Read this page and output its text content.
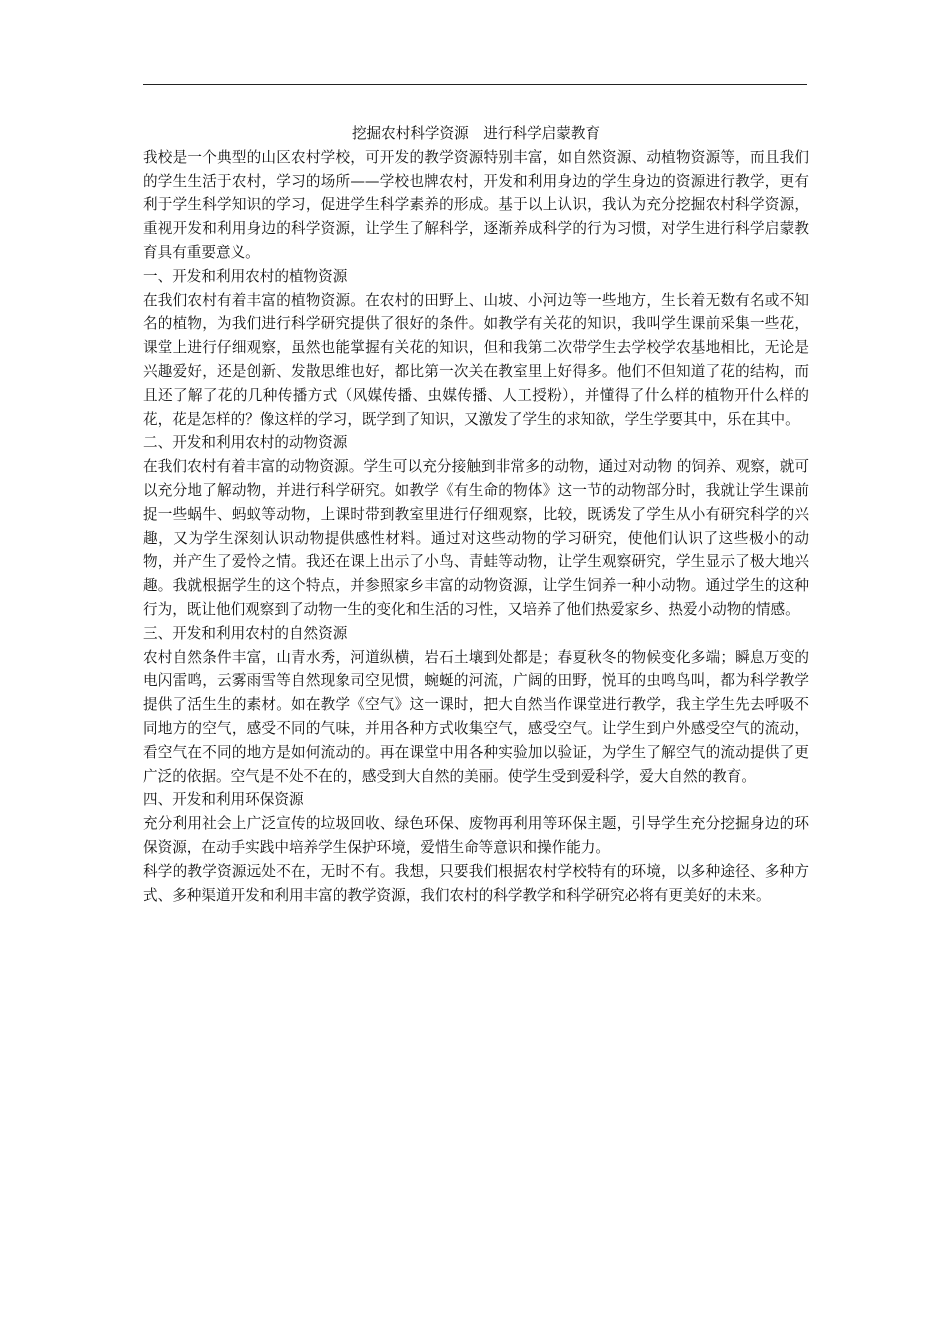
挖掘农村科学资源　进行科学启蒙教育

我校是一个典型的山区农村学校，可开发的教学资源特别丰富，如自然资源、动植物资源等，而且我们的学生生活于农村，学习的场所——学校也牌农村，开发和利用身边的学生身边的资源进行教学，更有利于学生科学知识的学习，促进学生科学素养的形成。基于以上认识，我认为充分挖掘农村科学资源，重视开发和利用身边的科学资源，让学生了解科学，逐渐养成科学的行为习惯，对学生进行科学启蒙教育具有重要意义。

一、开发和利用农村的植物资源

在我们农村有着丰富的植物资源。在农村的田野上、山坡、小河边等一些地方，生长着无数有名或不知名的植物，为我们进行科学研究提供了很好的条件。如教学有关花的知识，我叫学生课前采集一些花，课堂上进行仔细观察，虽然也能掌握有关花的知识，但和我第二次带学生去学校学农基地相比，无论是兴趣爱好，还是创新、发散思维也好，都比第一次关在教室里上好得多。他们不但知道了花的结构，而且还了解了花的几种传播方式（风媒传播、虫媒传播、人工授粉），并懂得了什么样的植物开什么样的花，花是怎样的？像这样的学习，既学到了知识，又激发了学生的求知欲，学生学要其中，乐在其中。

二、开发和利用农村的动物资源

在我们农村有着丰富的动物资源。学生可以充分接触到非常多的动物，通过对动物 的饲养、观察，就可以充分地了解动物，并进行科学研究。如教学《有生命的物体》这一节的动物部分时，我就让学生课前捉一些蜗牛、蚂蚁等动物，上课时带到教室里进行仔细观察，比较，既诱发了学生从小有研究科学的兴趣，又为学生深刻认识动物提供感性材料。通过对这些动物的学习研究，使他们认识了这些极小的动物，并产生了爱怜之情。我还在课上出示了小鸟、青蛙等动物，让学生观察研究，学生显示了极大地兴趣。我就根据学生的这个特点，并参照家乡丰富的动物资源，让学生饲养一种小动物。通过学生的这种行为，既让他们观察到了动物一生的变化和生活的习性，又培养了他们热爱家乡、热爱小动物的情感。

三、开发和利用农村的自然资源

农村自然条件丰富，山青水秀，河道纵横，岩石土壤到处都是；春夏秋冬的物候变化多端；瞬息万变的电闪雷鸣，云雾雨雪等自然现象司空见惯，蜿蜒的河流，广阔的田野，悦耳的虫鸣鸟叫，都为科学教学提供了活生生的素材。如在教学《空气》这一课时，把大自然当作课堂进行教学，我主学生先去呼吸不同地方的空气，感受不同的气味，并用各种方式收集空气，感受空气。让学生到户外感受空气的流动，看空气在不同的地方是如何流动的。再在课堂中用各种实验加以验证，为学生了解空气的流动提供了更广泛的依据。空气是不处不在的，感受到大自然的美丽。使学生受到爱科学，爱大自然的教育。

四、开发和利用环保资源

充分利用社会上广泛宣传的垃圾回收、绿色环保、废物再利用等环保主题，引导学生充分挖掘身边的环保资源，在动手实践中培养学生保护环境，爱惜生命等意识和操作能力。

科学的教学资源远处不在，无时不有。我想，只要我们根据农村学校特有的环境，以多种途径、多种方式、多种渠道开发和利用丰富的教学资源，我们农村的科学教学和科学研究必将有更美好的未来。
